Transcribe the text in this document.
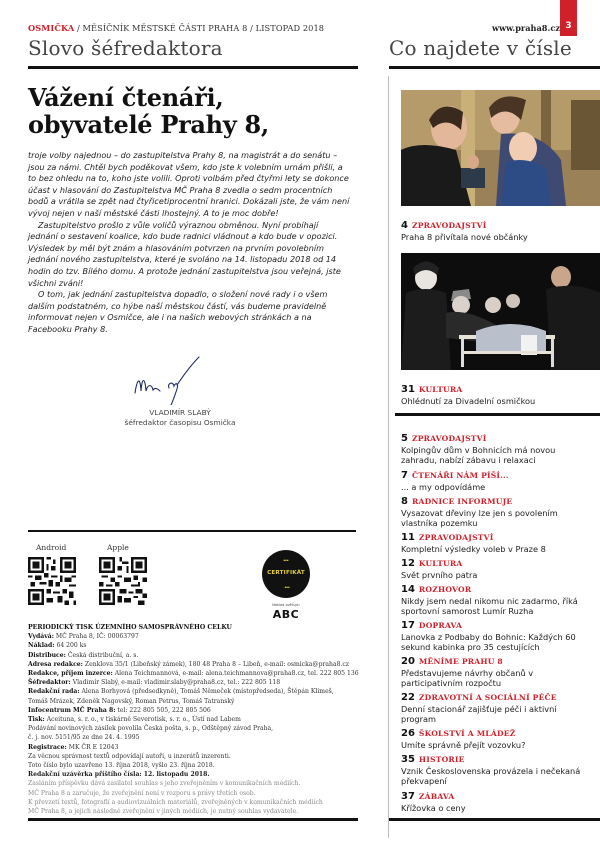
OSMIČKA / MĚSÍČNÍK MĚSTSKÉ ČÁSTI PRAHA 8 / LISTOPAD 2018	www.praha8.cz 3
Slovo šéfredaktora	Co najdete v čísle
Vážení čtenáři,
obyvatelé Prahy 8,

troje volby najednou – do zastupitelstva Prahy 8, na magistrát a do senátu – jsou za námi. Chtěl bych poděkovat všem, kdo jste k volebním urnám přišli, a to bez ohledu na to, koho jste volili. Oproti volbám před čtyřmi lety se dokonce účast v hlasování do Zastupitelstva MČ Praha 8 zvedla o sedm procentních bodů a vrátila se zpět nad čtyřicetiprocentní hranici. Dokázali jste, že vám není vývoj nejen v naší městské části lhostejný. A to je moc dobře!

Zastupitelstvo prošlo z vůle voličů výraznou obměnou. Nyní probíhají jednání o sestavení koalice, kdo bude radnici vládnout a kdo bude v opozici. Výsledek by měl být znám a hlasováním potvrzen na prvním povolebním jednání nového zastupitelstva, které je svoláno na 14. listopadu 2018 od 14 hodin do tzv. Bílého domu. A protože jednání zastupitelstva jsou veřejná, jste všichni zváni!

O tom, jak jednání zastupitelstva dopadlo, o složení nové rady i o všem dalším podstatném, co hýbe naší městskou částí, vás budeme pravidelně informovat nejen v Osmičce, ale i na našich webových stránkách a na Facebooku Prahy 8.

VLADIMÍR SLABÝ
šéfredaktor časopisu Osmička
Android	Apple
▪▪▪
CERTIFIKÁT
◦ ▪▪▪
Náklad ověřuje:
ABC
PERIODICKÝ TISK ÚZEMNÍHO SAMOSPRÁVNÉHO CELKU
Vydává: MČ Praha 8, IČ: 00063797
Náklad: 64 200 ks
Distribuce: Česká distribuční, a. s.
Adresa redakce: Zenklova 35/1 (Libeňský zámek), 180 48 Praha 8 – Libeň, e-mail: osmicka@praha8.cz
Redakce, příjem inzerce: Alena Teichmannová, e-mail: alena.teichmannova@praha8.cz, tel. 222 805 136
Šéfredaktor: Vladimír Slabý, e-mail: vladimir.slaby@praha8.cz, tel.: 222 805 118
Redakční rada: Alena Borhyová (předsedkyně), Tomáš Němeček (místopředseda), Štěpán Klimeš,
Tomáš Mrázek, Zdeněk Nagovský, Roman Petrus, Tomáš Tatranský
Infocentrum MČ Praha 8: tel: 222 805 505, 222 805 506
Tisk: Aceituna, s. r. o., v tiskárně Severotisk, s. r. o., Ústí nad Labem
Podávání novinových zásilek povolila Česká pošta, s. p., Odštěpný závod Praha,
č. j. nov. 5151/95 ze dne 24. 4. 1995
Registrace: MK ČR E 12043
Za věcnou správnost textů odpovídají autoři, u inzerátů inzerenti.
Toto číslo bylo uzavřeno 13. října 2018, vyšlo 23. října 2018.
Redakční uzávěrka příštího čísla: 12. listopadu 2018.
Zasláním příspěvku dává zasilatel souhlas s jeho zveřejněním v komunikačních médiích.
MČ Praha 8 a zaručuje, že zveřejnění není v rozporu s právy třetích osob.
K převzetí textů, fotografií a audiovizuálních materiálů, zveřejněných v komunikačních médiích
MČ Praha 8, a jejich následné zveřejnění v jiných médiích, je nutný souhlas vydavatele.
4 ZPRAVODAJSTVÍ
Praha 8 přivítala nové občánky
31 KULTURA
Ohlédnutí za Divadelní osmičkou
5 ZPRAVODAJSTVÍ
Kolpingův dům v Bohnicích má novou zahradu, nabízí zábavu i relaxaci
7 ČTENÁŘI NÁM PÍŠÍ...
... a my odpovídáme
8 RADNICE INFORMUJE
Vysazovat dřeviny lze jen s povolením vlastníka pozemku
11 ZPRAVODAJSTVÍ
Kompletní výsledky voleb v Praze 8
12 KULTURA
Svět prvního patra
14 ROZHOVOR
Nikdy jsem nedal nikomu nic zadarmo, říká sportovní samorost Lumír Ruzha
17 DOPRAVA
Lanovka z Podbaby do Bohnic: Každých 60 sekund kabinka pro 35 cestujících
20 MĚNÍME PRAHU 8
Představujeme návrhy občanů v participativním rozpočtu
22 ZDRAVOTNÍ A SOCIÁLNÍ PÉČE
Denní stacionář zajišťuje péči i aktivní program
26 ŠKOLSTVÍ A MLÁDEŽ
Umíte správně přejít vozovku?
35 HISTORIE
Vznik Československa provázela i nečekaná překvapení
37 ZÁBAVA
Křížovka o ceny
